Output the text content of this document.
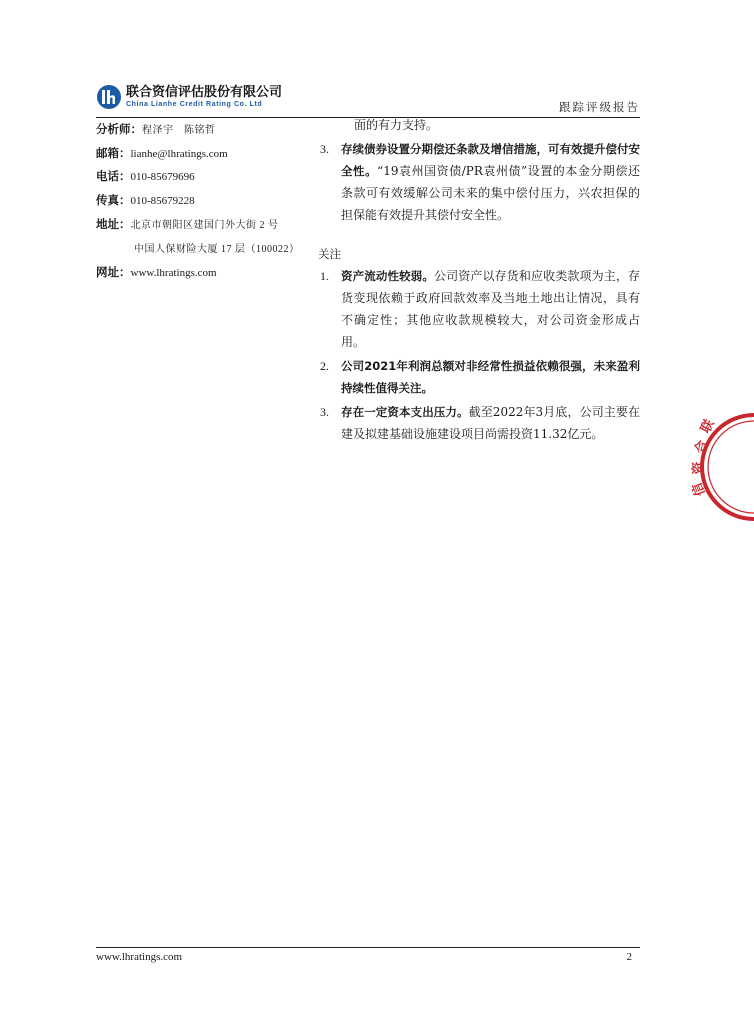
联合资信评估股份有限公司
China Lianhe Credit Rating Co. Ltd	跟踪评级报告
分析师：程泽宇　陈铭哲
邮箱：lianhe@lhratings.com
电话：010-85679696
传真：010-85679228
地址：北京市朝阳区建国门外大街 2 号
中国人保财险大厦 17 层（100022）
网址：www.lhratings.com

面的有力支持。

3. 存续债券设置分期偿还条款及增信措施，可有效提升偿付安全性。“19袁州国资债/PR袁州债”设置的本金分期偿还条款可有效缓解公司未来的集中偿付压力，兴农担保的担保能有效提升其偿付安全性。

关注

1. 资产流动性较弱。公司资产以存货和应收类款项为主，存货变现依赖于政府回款效率及当地土地出让情况，具有不确定性；其他应收款规模较大，对公司资金形成占用。

2. 公司2021年利润总额对非经常性损益依赖很强，未来盈利持续性值得关注。

3. 存在一定资本支出压力。截至2022年3月底，公司主要在建及拟建基础设施建设项目尚需投资11.32亿元。	联
合
资
信
www.lhratings.com	2
